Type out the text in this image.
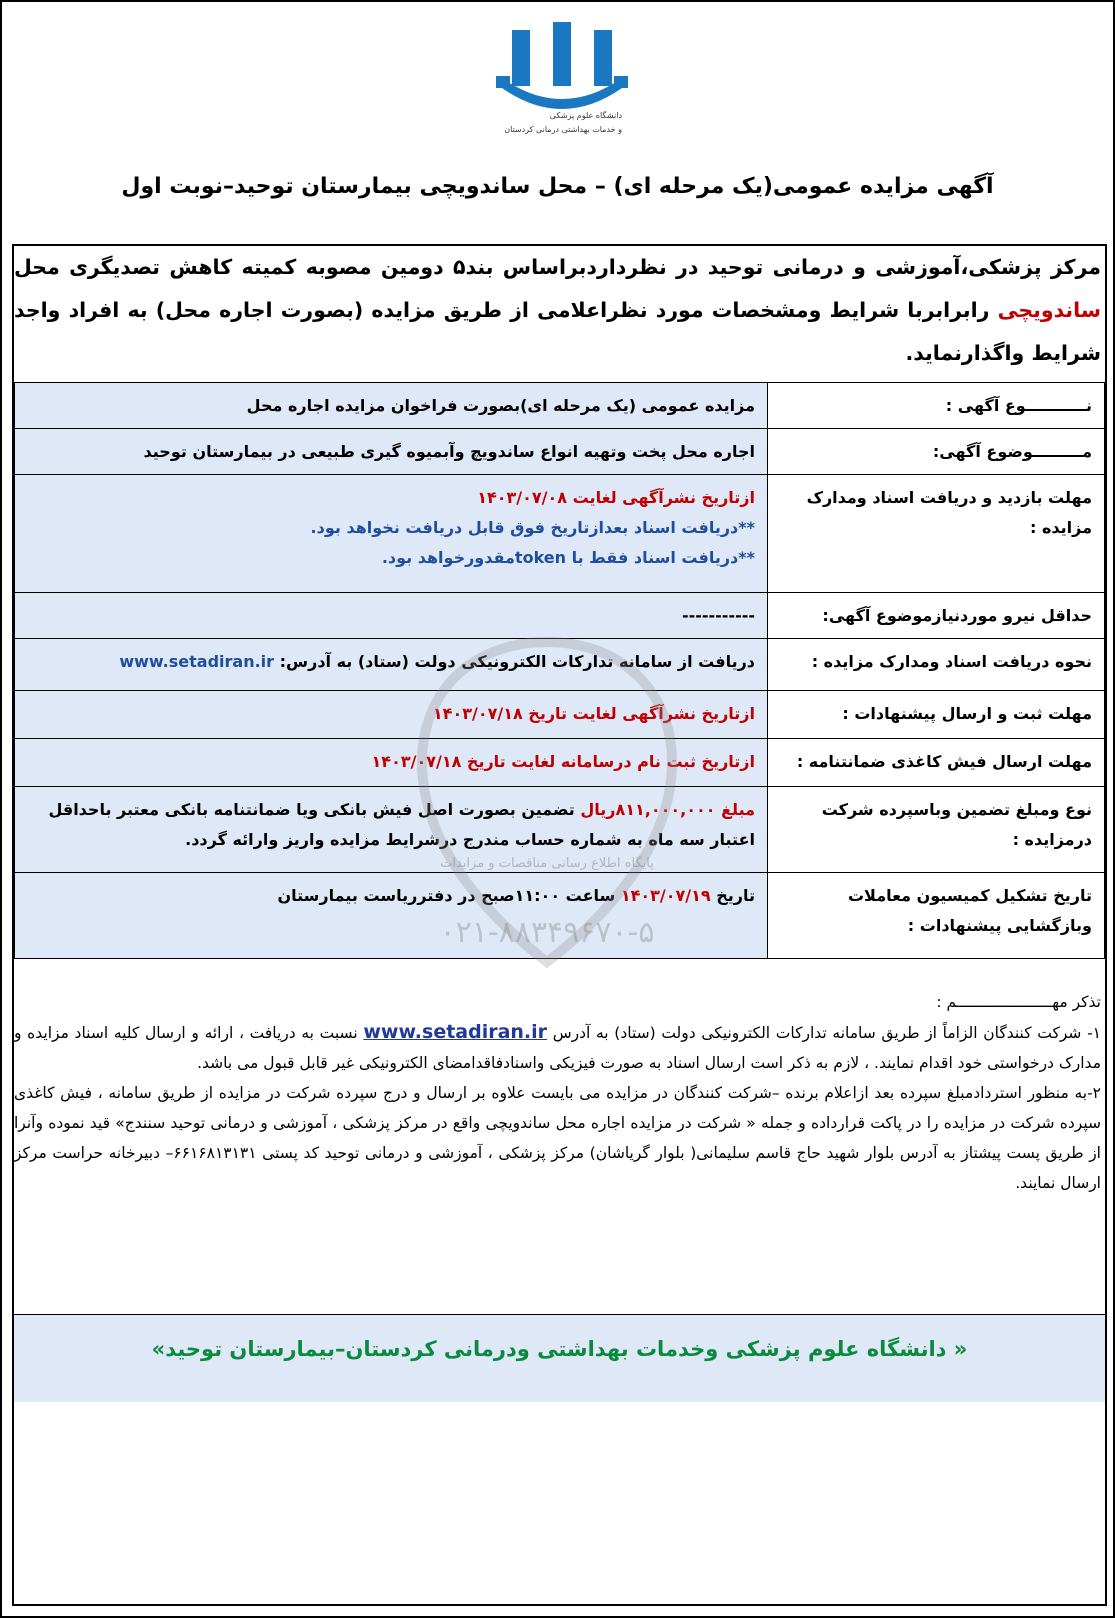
دانشگاه علوم پزشکی
و خدمات بهداشتی درمانی کردستان
آگهی مزایده عمومی(یک مرحله ای) – محل ساندویچی بیمارستان توحید–نوبت اول
مرکز پزشکی،آموزشی و درمانی توحید در نظرداردبراساس بند۵ دومین مصوبه کمیته کاهش تصدیگری محل ساندویچی رابرابربا شرایط ومشخصات مورد نظراعلامی از طریق مزایده (بصورت اجاره محل) به افراد واجد شرایط واگذارنماید.
نـــــــــــوع آگهی :	مزایده عمومی (یک مرحله ای)بصورت فراخوان مزایده اجاره محل
مـــــــــوضوع آگهی:	اجاره محل پخت وتهیه انواع ساندویچ وآبمیوه گیری طبیعی در بیمارستان توحید
مهلت بازدید و دریافت اسناد ومدارک مزایده :	ازتاریخ نشرآگهی لغایت ۱۴۰۳/۰۷/۰۸
**دریافت اسناد بعدازتاریخ فوق قابل دریافت نخواهد بود.
**دریافت اسناد فقط با tokenمقدورخواهد بود.

حداقل نیرو موردنیازموضوع آگهی:	-----------
نحوه دریافت اسناد ومدارک مزایده :	دریافت از سامانه تدارکات الکترونیکی دولت (ستاد) به آدرس: www.setadiran.ir
مهلت ثبت و ارسال پیشنهادات :	ازتاریخ نشرآگهی لغایت تاریخ ۱۴۰۳/۰۷/۱۸
مهلت ارسال فیش کاغذی ضمانتنامه :	ازتاریخ ثبت نام درسامانه لغایت تاریخ ۱۴۰۳/۰۷/۱۸
نوع ومبلغ تضمین وباسپرده شرکت درمزایده :	مبلغ ۸۱۱,۰۰۰,۰۰۰ریال تضمین بصورت اصل فیش بانکی ویا ضمانتنامه بانکی معتبر باحداقل اعتبار سه ماه به شماره حساب مندرج درشرایط مزایده واریز وارائه گردد.
تاریخ تشکیل کمیسیون معاملات وبازگشایی پیشنهادات :	تاریخ ۱۴۰۳/۰۷/۱۹ ساعت ۱۱:۰۰صبح در دفترریاست بیمارستان
پایگاه اطلاع رسانی مناقصات و مزایدات
۰۲۱-۸۸۳۴۹۶۷۰-۵

تذکر مهـــــــــــــــــــــم :

۱- شرکت کنندگان الزاماً از طریق سامانه تدارکات الکترونیکی دولت (ستاد) به آدرس www.setadiran.ir نسبت به دریافت ، ارائه و ارسال کلیه اسناد مزایده و مدارک درخواستی خود اقدام نمایند. ، لازم به ذکر است ارسال اسناد به صورت فیزیکی واسنادفاقدامضای الکترونیکی غیر قابل قبول می باشد.

۲-به منظور استردادمبلغ سپرده بعد ازاعلام برنده –شرکت کنندگان در مزایده می بایست علاوه بر ارسال و درج سپرده شرکت در مزایده از طریق سامانه ، فیش کاغذی سپرده شرکت در مزایده را در پاکت قرارداده و جمله « شرکت در مزایده اجاره محل ساندویچی واقع در مرکز پزشکی ، آموزشی و درمانی توحید سنندج» قید نموده وآنرا از طریق پست پیشتاز به آدرس بلوار شهید حاج قاسم سلیمانی( بلوار گریاشان) مرکز پزشکی ، آموزشی و درمانی توحید کد پستی ۶۶۱۶۸۱۳۱۳۱– دبیرخانه حراست مرکز ارسال نمایند.

« دانشگاه علوم پزشکی وخدمات بهداشتی ودرمانی کردستان–بیمارستان توحید»
